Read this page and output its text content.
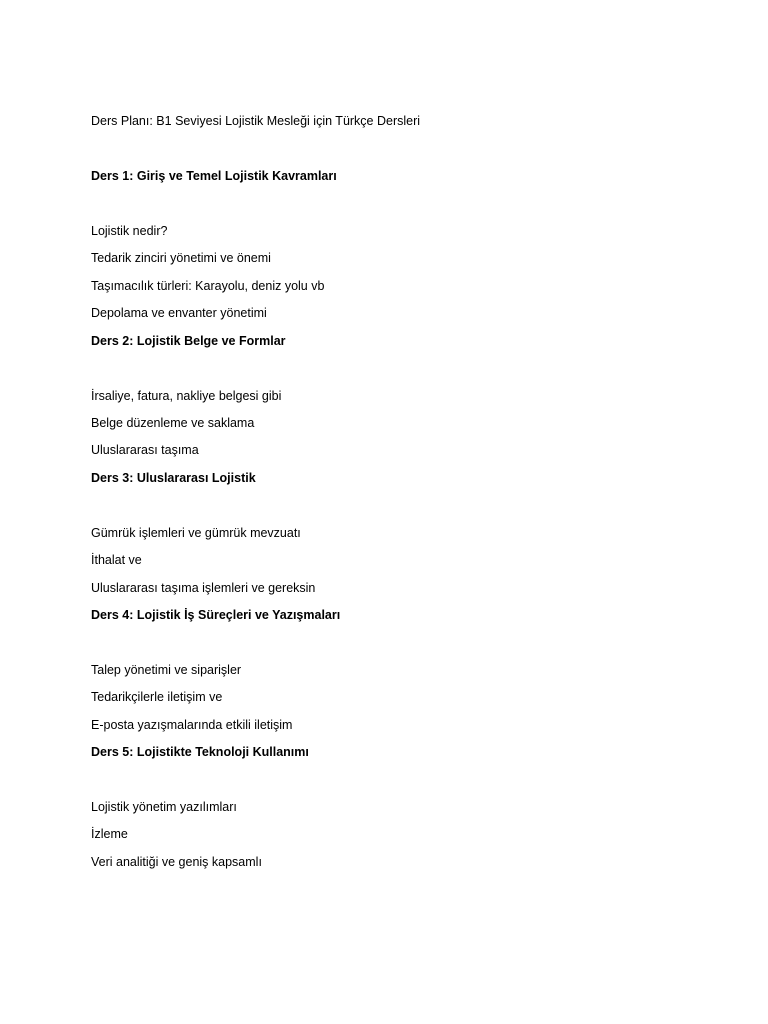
Ders Planı: B1 Seviyesi Lojistik Mesleği için Türkçe Dersleri

Ders 1: Giriş ve Temel Lojistik Kavramları

Lojistik nedir?

Tedarik zinciri yönetimi ve önemi

Taşımacılık türleri: Karayolu, deniz yolu vb

Depolama ve envanter yönetimi

Ders 2: Lojistik Belge ve Formlar

İrsaliye, fatura, nakliye belgesi gibi

Belge düzenleme ve saklama

Uluslararası taşıma

Ders 3: Uluslararası Lojistik

Gümrük işlemleri ve gümrük mevzuatı

İthalat ve

Uluslararası taşıma işlemleri ve gereksin

Ders 4: Lojistik İş Süreçleri ve Yazışmaları

Talep yönetimi ve siparişler

Tedarikçilerle iletişim ve

E-posta yazışmalarında etkili iletişim

Ders 5: Lojistikte Teknoloji Kullanımı

Lojistik yönetim yazılımları

İzleme

Veri analitiği ve geniş kapsamlı
